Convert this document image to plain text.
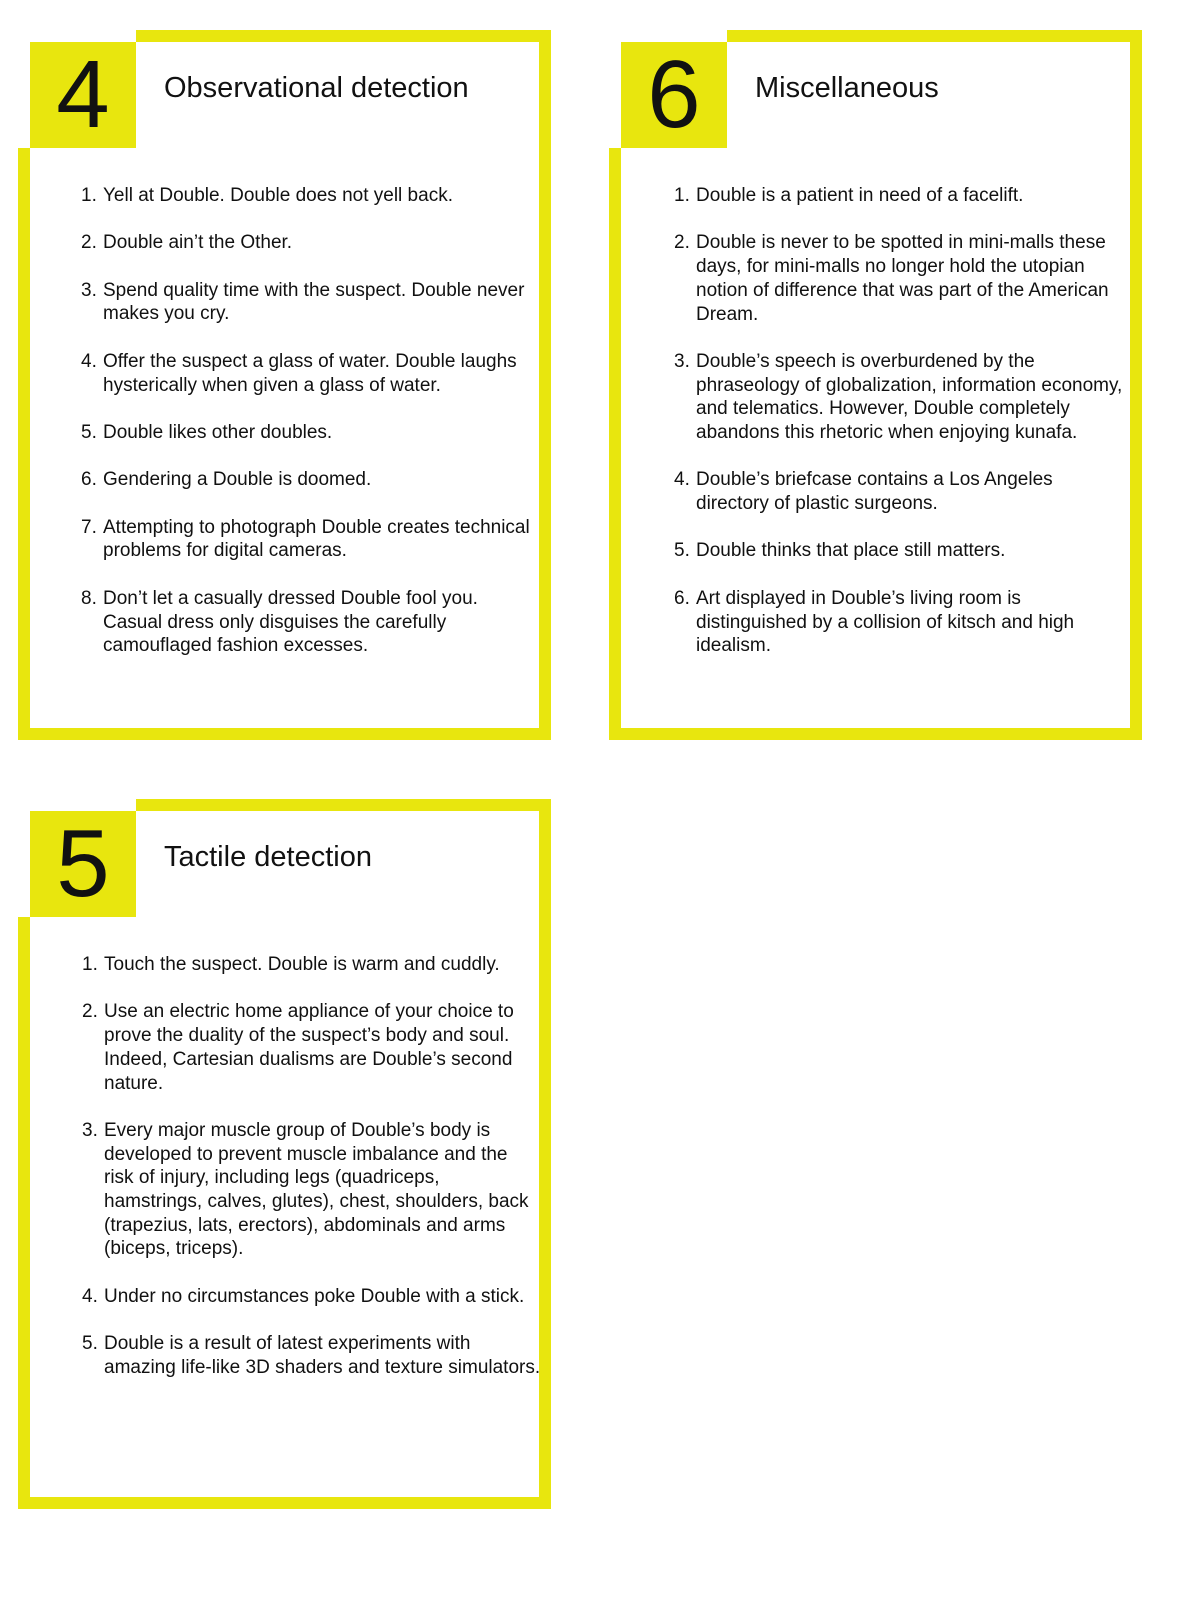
4	Observational detection
1. Yell at Double. Double does not yell back.
2. Double ain’t the Other.
3. Spend quality time with the suspect. Double never makes you cry.
4. Offer the suspect a glass of water. Double laughs hysterically when given a glass of water.
5. Double likes other doubles.
6. Gendering a Double is doomed.
7. Attempting to photograph Double creates technical problems for digital cameras.
8. Don’t let a casually dressed Double fool you. Casual dress only disguises the carefully camouflaged fashion excesses.
6	Miscellaneous
1. Double is a patient in need of a facelift.
2. Double is never to be spotted in mini-malls these days, for mini-malls no longer hold the utopian notion of difference that was part of the American Dream.
3. Double’s speech is overburdened by the phraseology of globalization, information economy, and telematics. However, Double completely abandons this rhetoric when enjoying kunafa.
4. Double’s briefcase contains a Los Angeles directory of plastic surgeons.
5. Double thinks that place still matters.
6. Art displayed in Double’s living room is distinguished by a collision of kitsch and high idealism.
5	Tactile detection
1. Touch the suspect. Double is warm and cuddly.
2. Use an electric home appliance of your choice to prove the duality of the suspect’s body and soul. Indeed, Cartesian dualisms are Double’s second nature.
3. Every major muscle group of Double’s body is developed to prevent muscle imbalance and the risk of injury, including legs (quadriceps, hamstrings, calves, glutes), chest, shoulders, back (trapezius, lats, erectors), abdominals and arms (biceps, triceps).
4. Under no circumstances poke Double with a stick.
5. Double is a result of latest experiments with amazing life-like 3D shaders and texture simulators.
